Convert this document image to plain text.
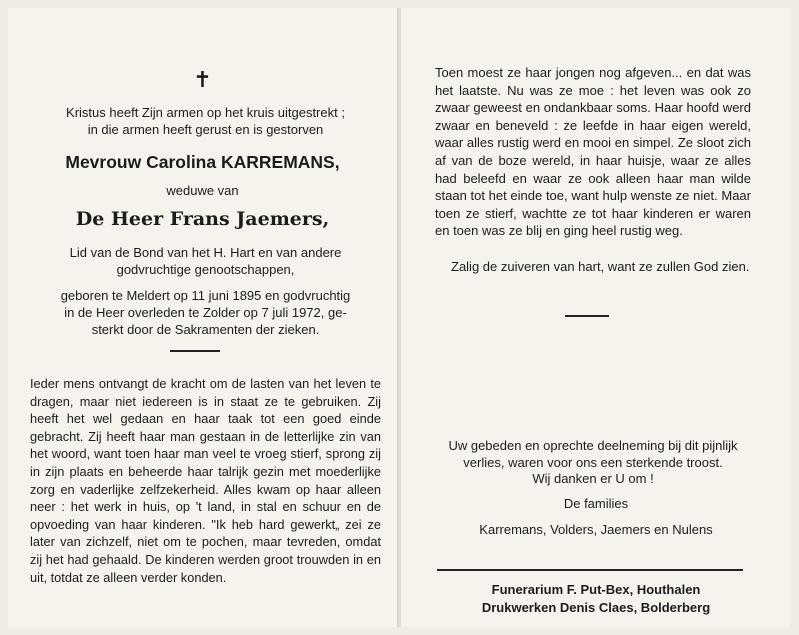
✝
Kristus heeft Zijn armen op het kruis uitgestrekt ;
in die armen heeft gerust en is gestorven
Mevrouw Carolina KARREMANS,
weduwe van
De Heer Frans Jaemers,
Lid van de Bond van het H. Hart en van andere
godvruchtige genootschappen,
geboren te Meldert op 11 juni 1895 en godvruchtig
in de Heer overleden te Zolder op 7 juli 1972, ge-
sterkt door de Sakramenten der zieken.
Ieder mens ontvangt de kracht om de lasten van het leven te dragen, maar niet iedereen is in staat ze te gebruiken. Zij heeft het wel gedaan en haar taak tot een goed einde gebracht. Zij heeft haar man gestaan in de letterlijke zin van het woord, want toen haar man veel te vroeg stierf, sprong zij in zijn plaats en beheerde haar talrijk gezin met moederlijke zorg en vaderlijke zelfzekerheid. Alles kwam op haar alleen neer : het werk in huis, op 't land, in stal en schuur en de opvoeding van haar kinderen. "Ik heb hard gewerkt„ zei ze later van zichzelf, niet om te pochen, maar tevreden, omdat zij het had gehaald. De kinderen werden groot trouwden in en uit, totdat ze alleen verder konden.
Toen moest ze haar jongen nog afgeven... en dat was het laatste. Nu was ze moe : het leven was ook zo zwaar geweest en ondankbaar soms. Haar hoofd werd zwaar en beneveld : ze leefde in haar eigen wereld, waar alles rustig werd en mooi en simpel. Ze sloot zich af van de boze wereld, in haar huisje, waar ze alles had beleefd en waar ze ook alleen haar man wilde staan tot het einde toe, want hulp wenste ze niet. Maar toen ze stierf, wachtte ze tot haar kinderen er waren en toen was ze blij en ging heel rustig weg.
Zalig de zuiveren van hart, want ze zullen God zien.
Uw gebeden en oprechte deelneming bij dit pijnlijk
verlies, waren voor ons een sterkende troost.
Wij danken er U om !
De families
Karremans, Volders, Jaemers en Nulens
Funerarium F. Put-Bex, Houthalen
Drukwerken Denis Claes, Bolderberg
